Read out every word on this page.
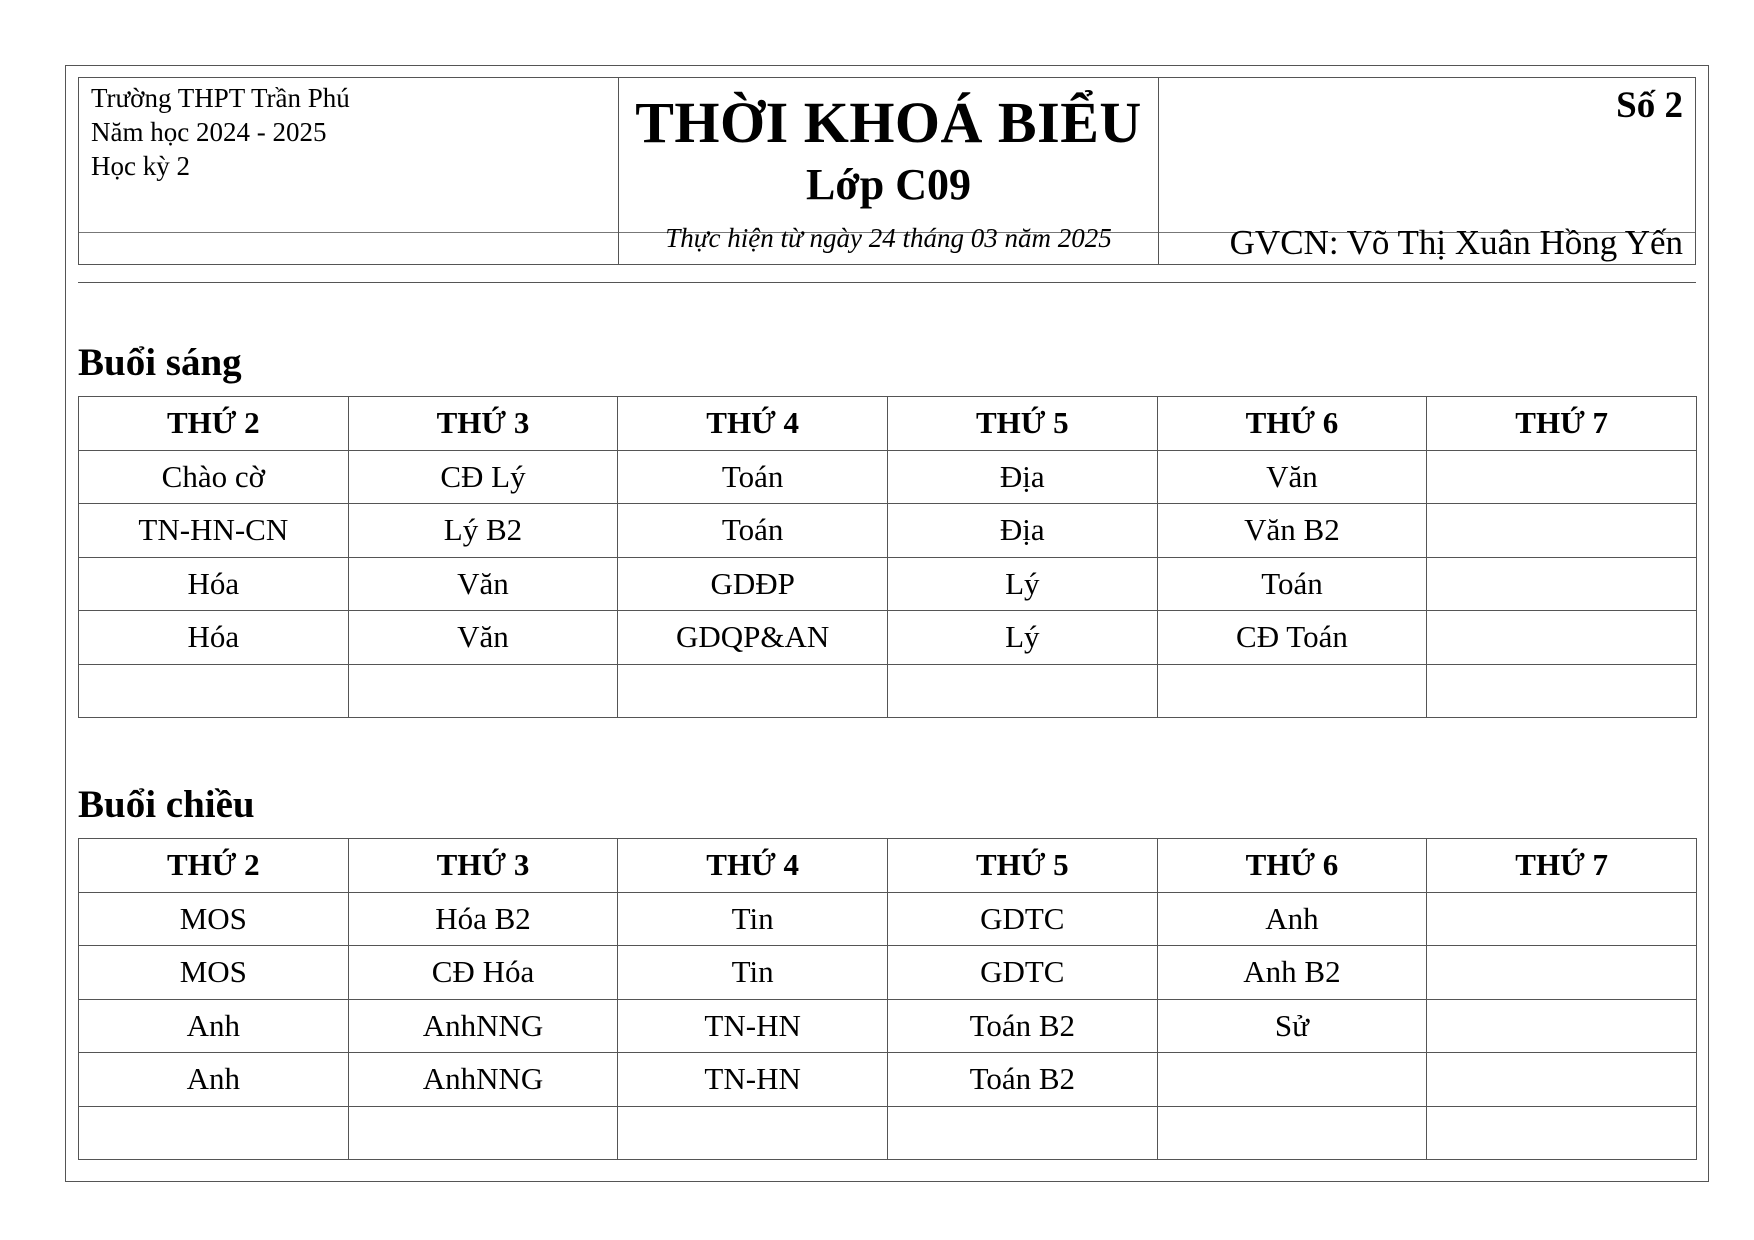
Trường THPT Trần Phú
Năm học 2024 - 2025
Học kỳ 2
THỜI KHOÁ BIỂU
Lớp C09
Thực hiện từ ngày 24 tháng 03 năm 2025
Số 2
GVCN: Võ Thị Xuân Hồng Yến
Buổi sáng
THỨ 2	THỨ 3	THỨ 4	THỨ 5	THỨ 6	THỨ 7
Chào cờ	CĐ Lý	Toán	Địa	Văn	
TN-HN-CN	Lý B2	Toán	Địa	Văn B2	
Hóa	Văn	GDĐP	Lý	Toán	
Hóa	Văn	GDQP&AN	Lý	CĐ Toán	

Buổi chiều
THỨ 2	THỨ 3	THỨ 4	THỨ 5	THỨ 6	THỨ 7
MOS	Hóa B2	Tin	GDTC	Anh	
MOS	CĐ Hóa	Tin	GDTC	Anh B2	
Anh	AnhNNG	TN-HN	Toán B2	Sử	
Anh	AnhNNG	TN-HN	Toán B2		
